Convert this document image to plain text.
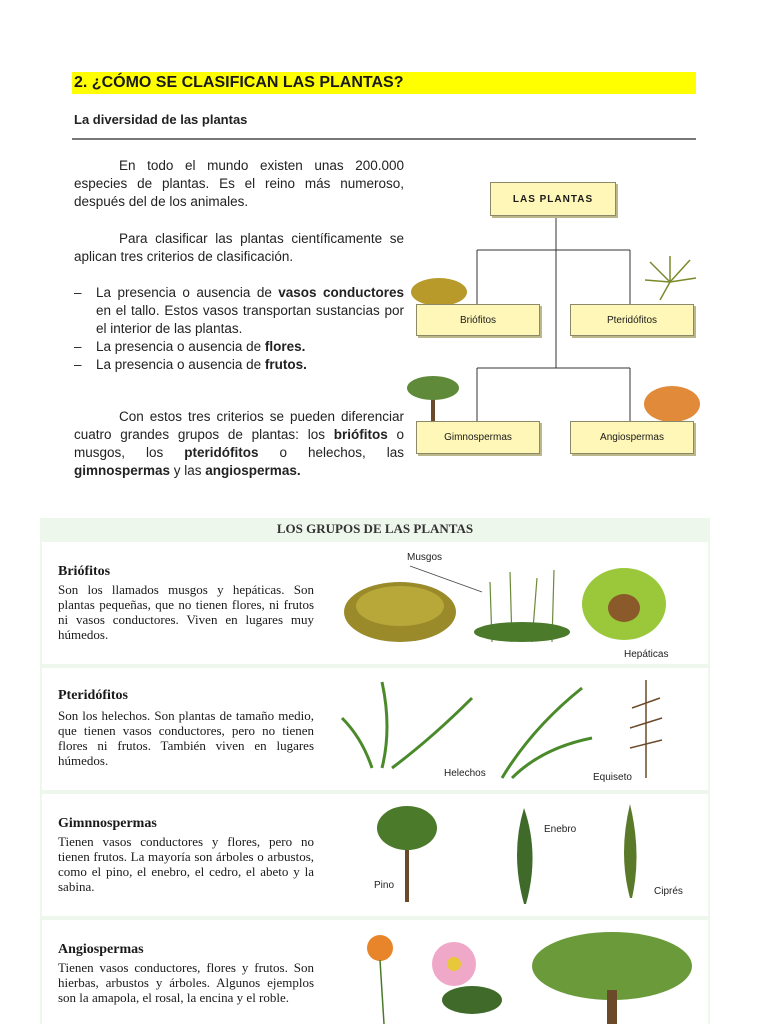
2. ¿CÓMO SE CLASIFICAN LAS PLANTAS?
La diversidad de las plantas
En todo el mundo existen unas 200.000 especies de plantas. Es el reino más numeroso, después del de los animales.
Para clasificar las plantas científicamente se aplican tres criterios de clasificación.
– La presencia o ausencia de vasos conductores en el tallo. Estos vasos transportan sustancias por el interior de las plantas.
– La presencia o ausencia de flores.
– La presencia o ausencia de frutos.
Con estos tres criterios se pueden diferenciar cuatro grandes grupos de plantas: los briófitos o musgos, los pteridófitos o helechos, las gimnospermas y las angiospermas.
LAS PLANTAS
Briófitos	Pteridófitos
Gimnospermas	Angiospermas
LOS GRUPOS DE LAS PLANTAS
Briófitos
Son los llamados musgos y hepáticas. Son plantas pequeñas, que no tienen flores, ni frutos ni vasos conductores. Viven en lugares muy húmedos.
Musgos
Hepáticas
Pteridófitos
Son los helechos. Son plantas de tamaño medio, que tienen vasos conductores, pero no tienen flores ni frutos. También viven en lugares húmedos.
Helechos	Equiseto
Gimnnospermas
Tienen vasos conductores y flores, pero no tienen frutos. La mayoría son árboles o arbustos, como el pino, el enebro, el cedro, el abeto y la sabina.
Enebro
Pino
Ciprés
Angiospermas
Tienen vasos conductores, flores y frutos. Son hierbas, arbustos y árboles. Algunos ejemplos son la amapola, el rosal, la encina y el roble.
